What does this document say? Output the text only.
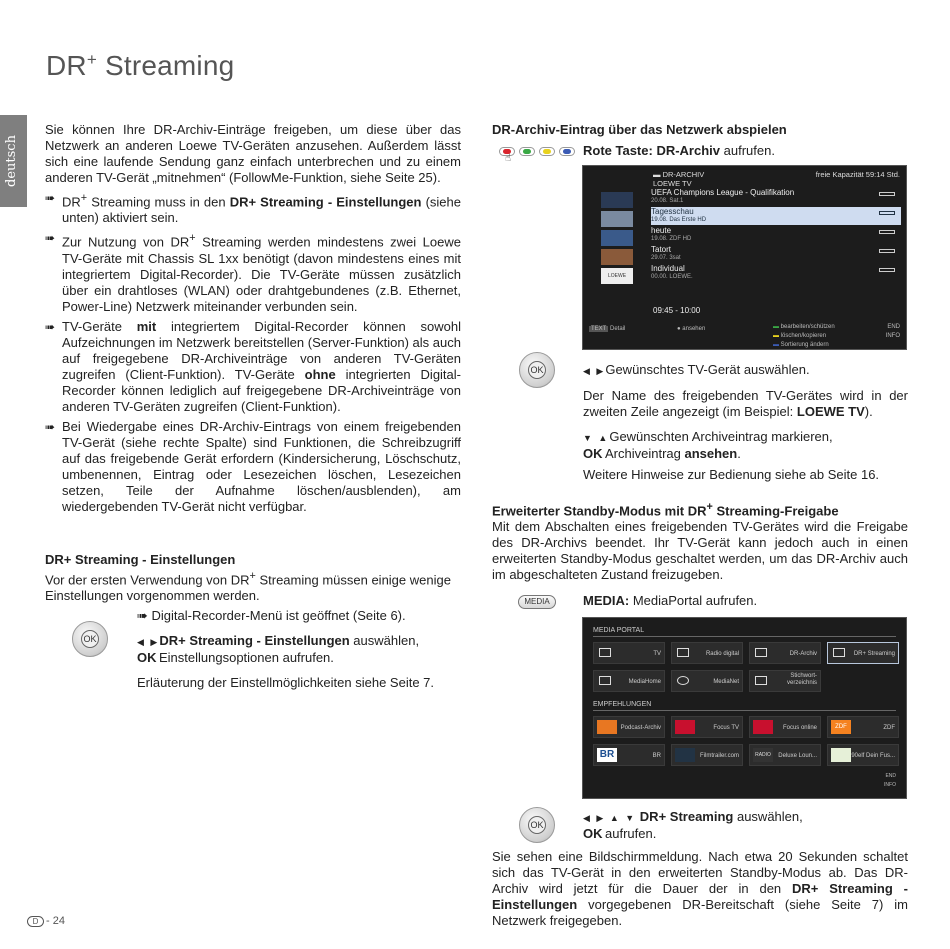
DR+ Streaming
deutsch

Sie können Ihre DR-Archiv-Einträge freigeben, um diese über das Netzwerk an anderen Loewe TV-Geräten anzusehen. Außerdem lässt sich eine laufende Sendung ganz einfach unterbrechen und zu einem anderen TV-Gerät „mitnehmen“ (FollowMe-Funktion, siehe Seite 25).

➠ DR+ Streaming muss in den DR+ Streaming - Einstellungen (siehe unten) aktiviert sein.
➠ Zur Nutzung von DR+ Streaming werden mindestens zwei Loewe TV-Geräte mit Chassis SL 1xx benötigt (davon mindestens eines mit integriertem Digital-Recorder). Die TV-Geräte müssen zusätzlich über ein drahtloses (WLAN) oder drahtgebundenes (z.B. Ethernet, Power-Line) Netzwerk miteinander verbunden sein.
➠ TV-Geräte mit integriertem Digital-Recorder können sowohl Aufzeichnungen im Netzwerk bereitstellen (Server-Funktion) als auch auf freigegebene DR-Archiveinträge von anderen TV-Geräten zugreifen (Client-Funktion). TV-Geräte ohne integrierten Digital-Recorder können lediglich auf freigegebene DR-Archiveinträge von anderen TV-Geräten zugreifen (Client-Funktion).
➠ Bei Wiedergabe eines DR-Archiv-Eintrags von einem freigebenden TV-Gerät (siehe rechte Spalte) sind Funktionen, die Schreibzugriff auf das freigebende Gerät erfordern (Kindersicherung, Löschschutz, umbenennen, Eintrag oder Lesezeichen löschen, Lesezeichen setzen, Teile der Aufnahme löschen/ausblenden), am wiedergebenden TV-Gerät nicht verfügbar.
DR+ Streaming - Einstellungen

Vor der ersten Verwendung von DR+ Streaming müssen einige wenige Einstellungen vorgenommen werden.

➠ Digital-Recorder-Menü ist geöffnet (Seite 6).

◀ ▶DR+ Streaming - Einstellungen auswählen,

OK Einstellungsoptionen aufrufen.

Erläuterung der Einstellmöglichkeiten siehe Seite 7.

OK
DR-Archiv-Eintrag über das Netzwerk abspielen

Rote Taste: DR-Archiv aufrufen.

☝
▬ DR-ARCHIV	freie Kapazität 59:14 Std.
LOEWE TV
LOEWE
UEFA Champions League - Qualifikation
20.08. Sat.1
Tagesschau
19.08. Das Erste HD
heute
19.08. ZDF HD
Tatort
29.07. 3sat
Individual
00.00. LOEWE.
09:45 - 10:00
TEXT Detail	● ansehen	▬ bearbeiten/schützen
▬ löschen/kopieren
▬ Sortierung ändern
END
INFO
OK	◀ ▶Gewünschtes TV-Gerät auswählen.

Der Name des freigebenden TV-Gerätes wird in der zweiten Zeile angezeigt (im Beispiel: LOEWE TV).

▼ ▲Gewünschten Archiveintrag markieren,

OK Archiveintrag ansehen.

Weitere Hinweise zur Bedienung siehe ab Seite 16.

Erweiterter Standby-Modus mit DR+ Streaming-Freigabe

Mit dem Abschalten eines freigebenden TV-Gerätes wird die Freigabe des DR-Archivs beendet. Ihr TV-Gerät kann jedoch auch in einen erweiterten Standby-Modus geschaltet werden, um das DR-Archiv auch im abgeschalteten Zustand freizugeben.

MEDIA: MediaPortal aufrufen.

MEDIA
MEDIA PORTAL
TV	Radio digital	DR-Archiv	DR+ Streaming
MediaHome	MediaNet
Stichwort-verzeichnis
EMPFEHLUNGEN
Podcast-Archiv	Focus TV	Focus online	ZDF	ZDF
BR	BR	Filmtrailer.com	RADIO	Deluxe Loun...	90elf Dein Fus...
END
INFO
OK

◀ ▶ ▲ ▼ DR+ Streaming auswählen,

OK aufrufen.

Sie sehen eine Bildschirmmeldung. Nach etwa 20 Sekunden schaltet sich das TV-Gerät in den erweiterten Standby-Modus ab. Das DR-Archiv wird jetzt für die Dauer der in den DR+ Streaming - Einstellungen vorgegebenen DR-Bereitschaft (siehe Seite 7) im Netzwerk freigegeben.

D - 24
